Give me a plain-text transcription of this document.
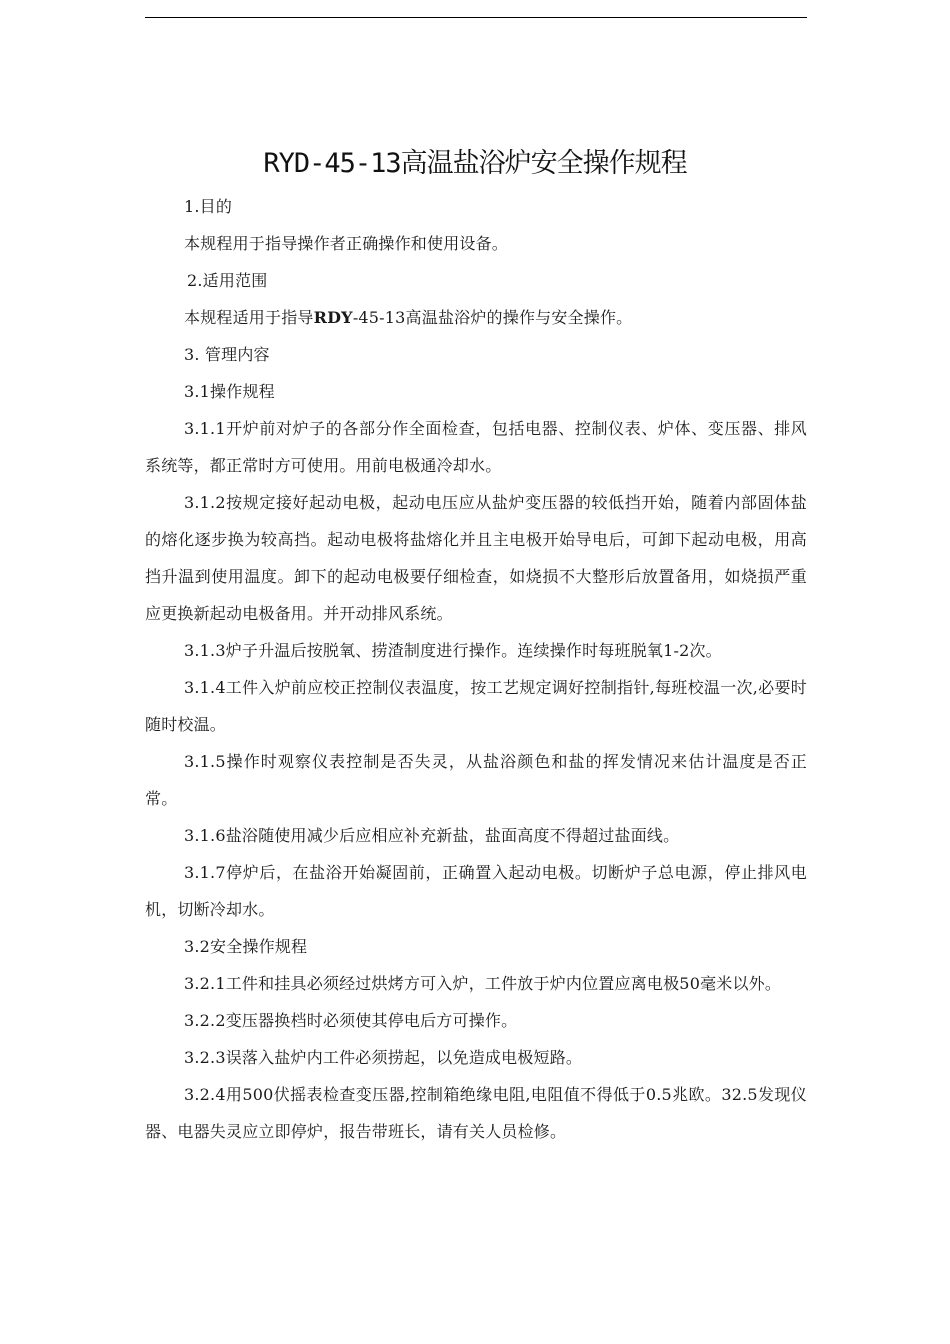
RYD-45-13高温盐浴炉安全操作规程

1.目的

本规程用于指导操作者正确操作和使用设备。

2.适用范围

本规程适用于指导RDY-45-13高温盐浴炉的操作与安全操作。

3. 管理内容

3.1操作规程

3.1.1开炉前对炉子的各部分作全面检查，包括电器、控制仪表、炉体、变压器、排风系统等，都正常时方可使用。用前电极通冷却水。

3.1.2按规定接好起动电极，起动电压应从盐炉变压器的较低挡开始，随着内部固体盐的熔化逐步换为较高挡。起动电极将盐熔化并且主电极开始导电后，可卸下起动电极，用高挡升温到使用温度。卸下的起动电极要仔细检查，如烧损不大整形后放置备用，如烧损严重应更换新起动电极备用。并开动排风系统。

3.1.3炉子升温后按脱氧、捞渣制度进行操作。连续操作时每班脱氧1-2次。

3.1.4工件入炉前应校正控制仪表温度，按工艺规定调好控制指针,每班校温一次,必要时随时校温。

3.1.5操作时观察仪表控制是否失灵，从盐浴颜色和盐的挥发情况来估计温度是否正常。

3.1.6盐浴随使用减少后应相应补充新盐，盐面高度不得超过盐面线。

3.1.7停炉后，在盐浴开始凝固前，正确置入起动电极。切断炉子总电源，停止排风电机，切断冷却水。

3.2安全操作规程

3.2.1工件和挂具必须经过烘烤方可入炉，工件放于炉内位置应离电极50毫米以外。

3.2.2变压器换档时必须使其停电后方可操作。

3.2.3误落入盐炉内工件必须捞起，以免造成电极短路。

3.2.4用500伏摇表检查变压器,控制箱绝缘电阻,电阻值不得低于0.5兆欧。32.5发现仪器、电器失灵应立即停炉，报告带班长，请有关人员检修。
